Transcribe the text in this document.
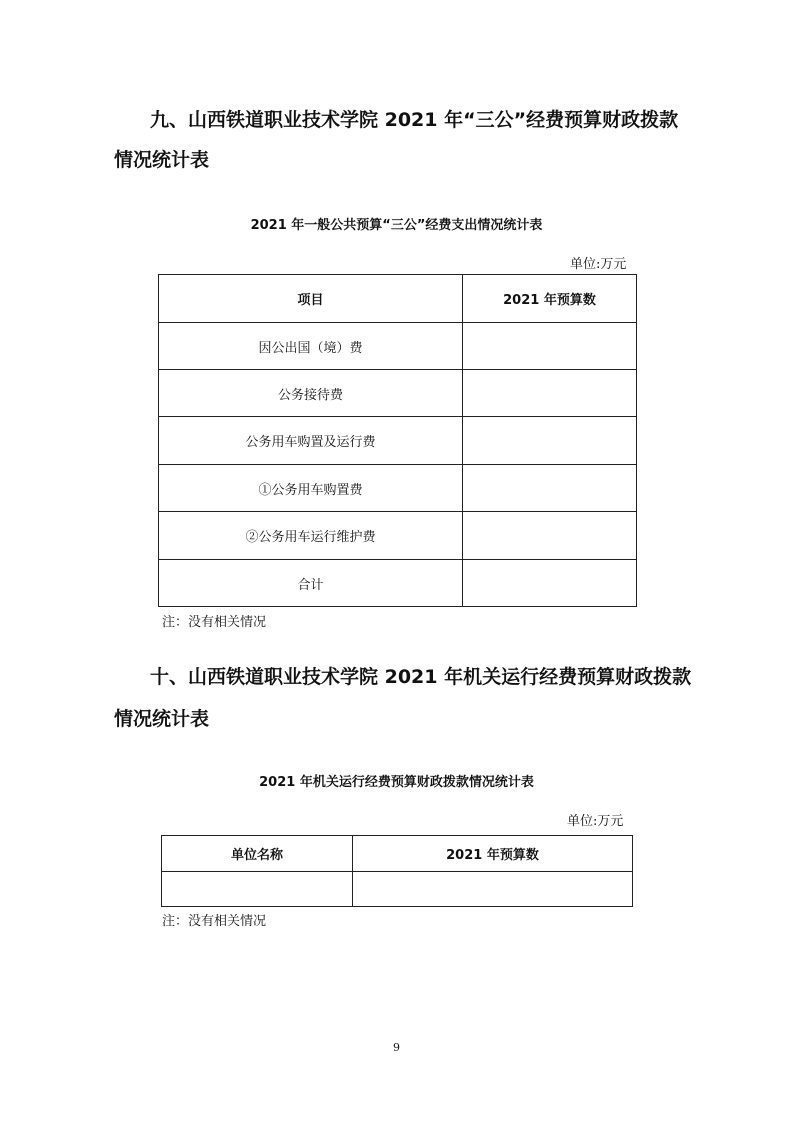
九、山西铁道职业技术学院 2021 年“三公”经费预算财政拨款
情况统计表
2021 年一般公共预算“三公”经费支出情况统计表
单位:万元
项目	2021 年预算数
因公出国（境）费	
公务接待费	
公务用车购置及运行费	
①公务用车购置费	
②公务用车运行维护费	
合计	
注：没有相关情况
十、山西铁道职业技术学院 2021 年机关运行经费预算财政拨款
情况统计表
2021 年机关运行经费预算财政拨款情况统计表
单位:万元
单位名称	2021 年预算数

注：没有相关情况
9
